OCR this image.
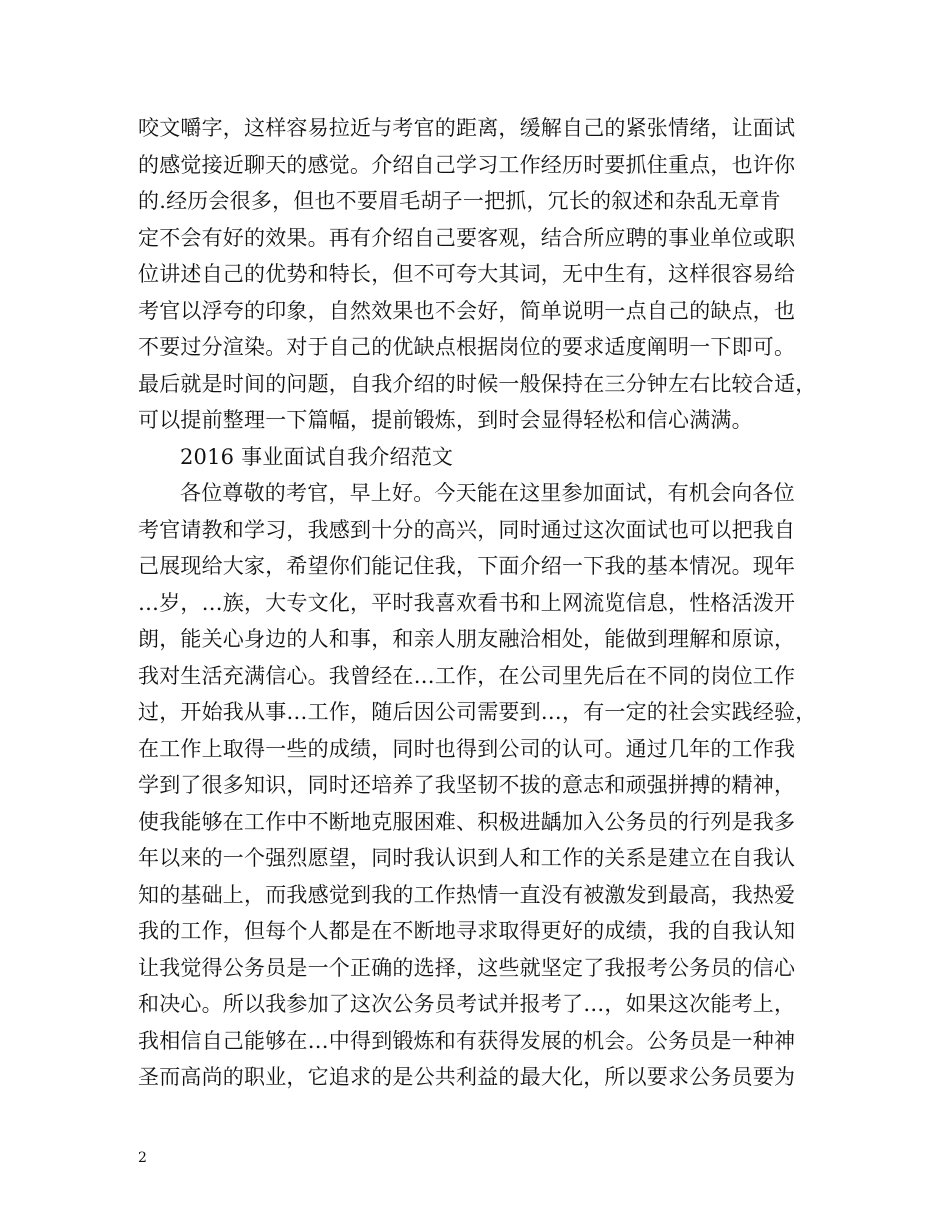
咬文嚼字，这样容易拉近与考官的距离，缓解自己的紧张情绪，让面试
的感觉接近聊天的感觉。介绍自己学习工作经历时要抓住重点，也许你
的.经历会很多，但也不要眉毛胡子一把抓，冗长的叙述和杂乱无章肯
定不会有好的效果。再有介绍自己要客观，结合所应聘的事业单位或职
位讲述自己的优势和特长，但不可夸大其词，无中生有，这样很容易给
考官以浮夸的印象，自然效果也不会好，简单说明一点自己的缺点，也
不要过分渲染。对于自己的优缺点根据岗位的要求适度阐明一下即可。
最后就是时间的问题，自我介绍的时候一般保持在三分钟左右比较合适，
可以提前整理一下篇幅，提前锻炼，到时会显得轻松和信心满满。
2016 事业面试自我介绍范文
各位尊敬的考官，早上好。今天能在这里参加面试，有机会向各位
考官请教和学习，我感到十分的高兴，同时通过这次面试也可以把我自
己展现给大家，希望你们能记住我，下面介绍一下我的基本情况。现年
…岁，…族，大专文化，平时我喜欢看书和上网流览信息，性格活泼开
朗，能关心身边的人和事，和亲人朋友融洽相处，能做到理解和原谅，
我对生活充满信心。我曾经在…工作，在公司里先后在不同的岗位工作
过，开始我从事…工作，随后因公司需要到…，有一定的社会实践经验，
在工作上取得一些的成绩，同时也得到公司的认可。通过几年的工作我
学到了很多知识，同时还培养了我坚韧不拔的意志和顽强拼搏的精神，
使我能够在工作中不断地克服困难、积极进龋加入公务员的行列是我多
年以来的一个强烈愿望，同时我认识到人和工作的关系是建立在自我认
知的基础上，而我感觉到我的工作热情一直没有被激发到最高，我热爱
我的工作，但每个人都是在不断地寻求取得更好的成绩，我的自我认知
让我觉得公务员是一个正确的选择，这些就坚定了我报考公务员的信心
和决心。所以我参加了这次公务员考试并报考了…，如果这次能考上，
我相信自己能够在…中得到锻炼和有获得发展的机会。公务员是一种神
圣而高尚的职业，它追求的是公共利益的最大化，所以要求公务员要为
2
